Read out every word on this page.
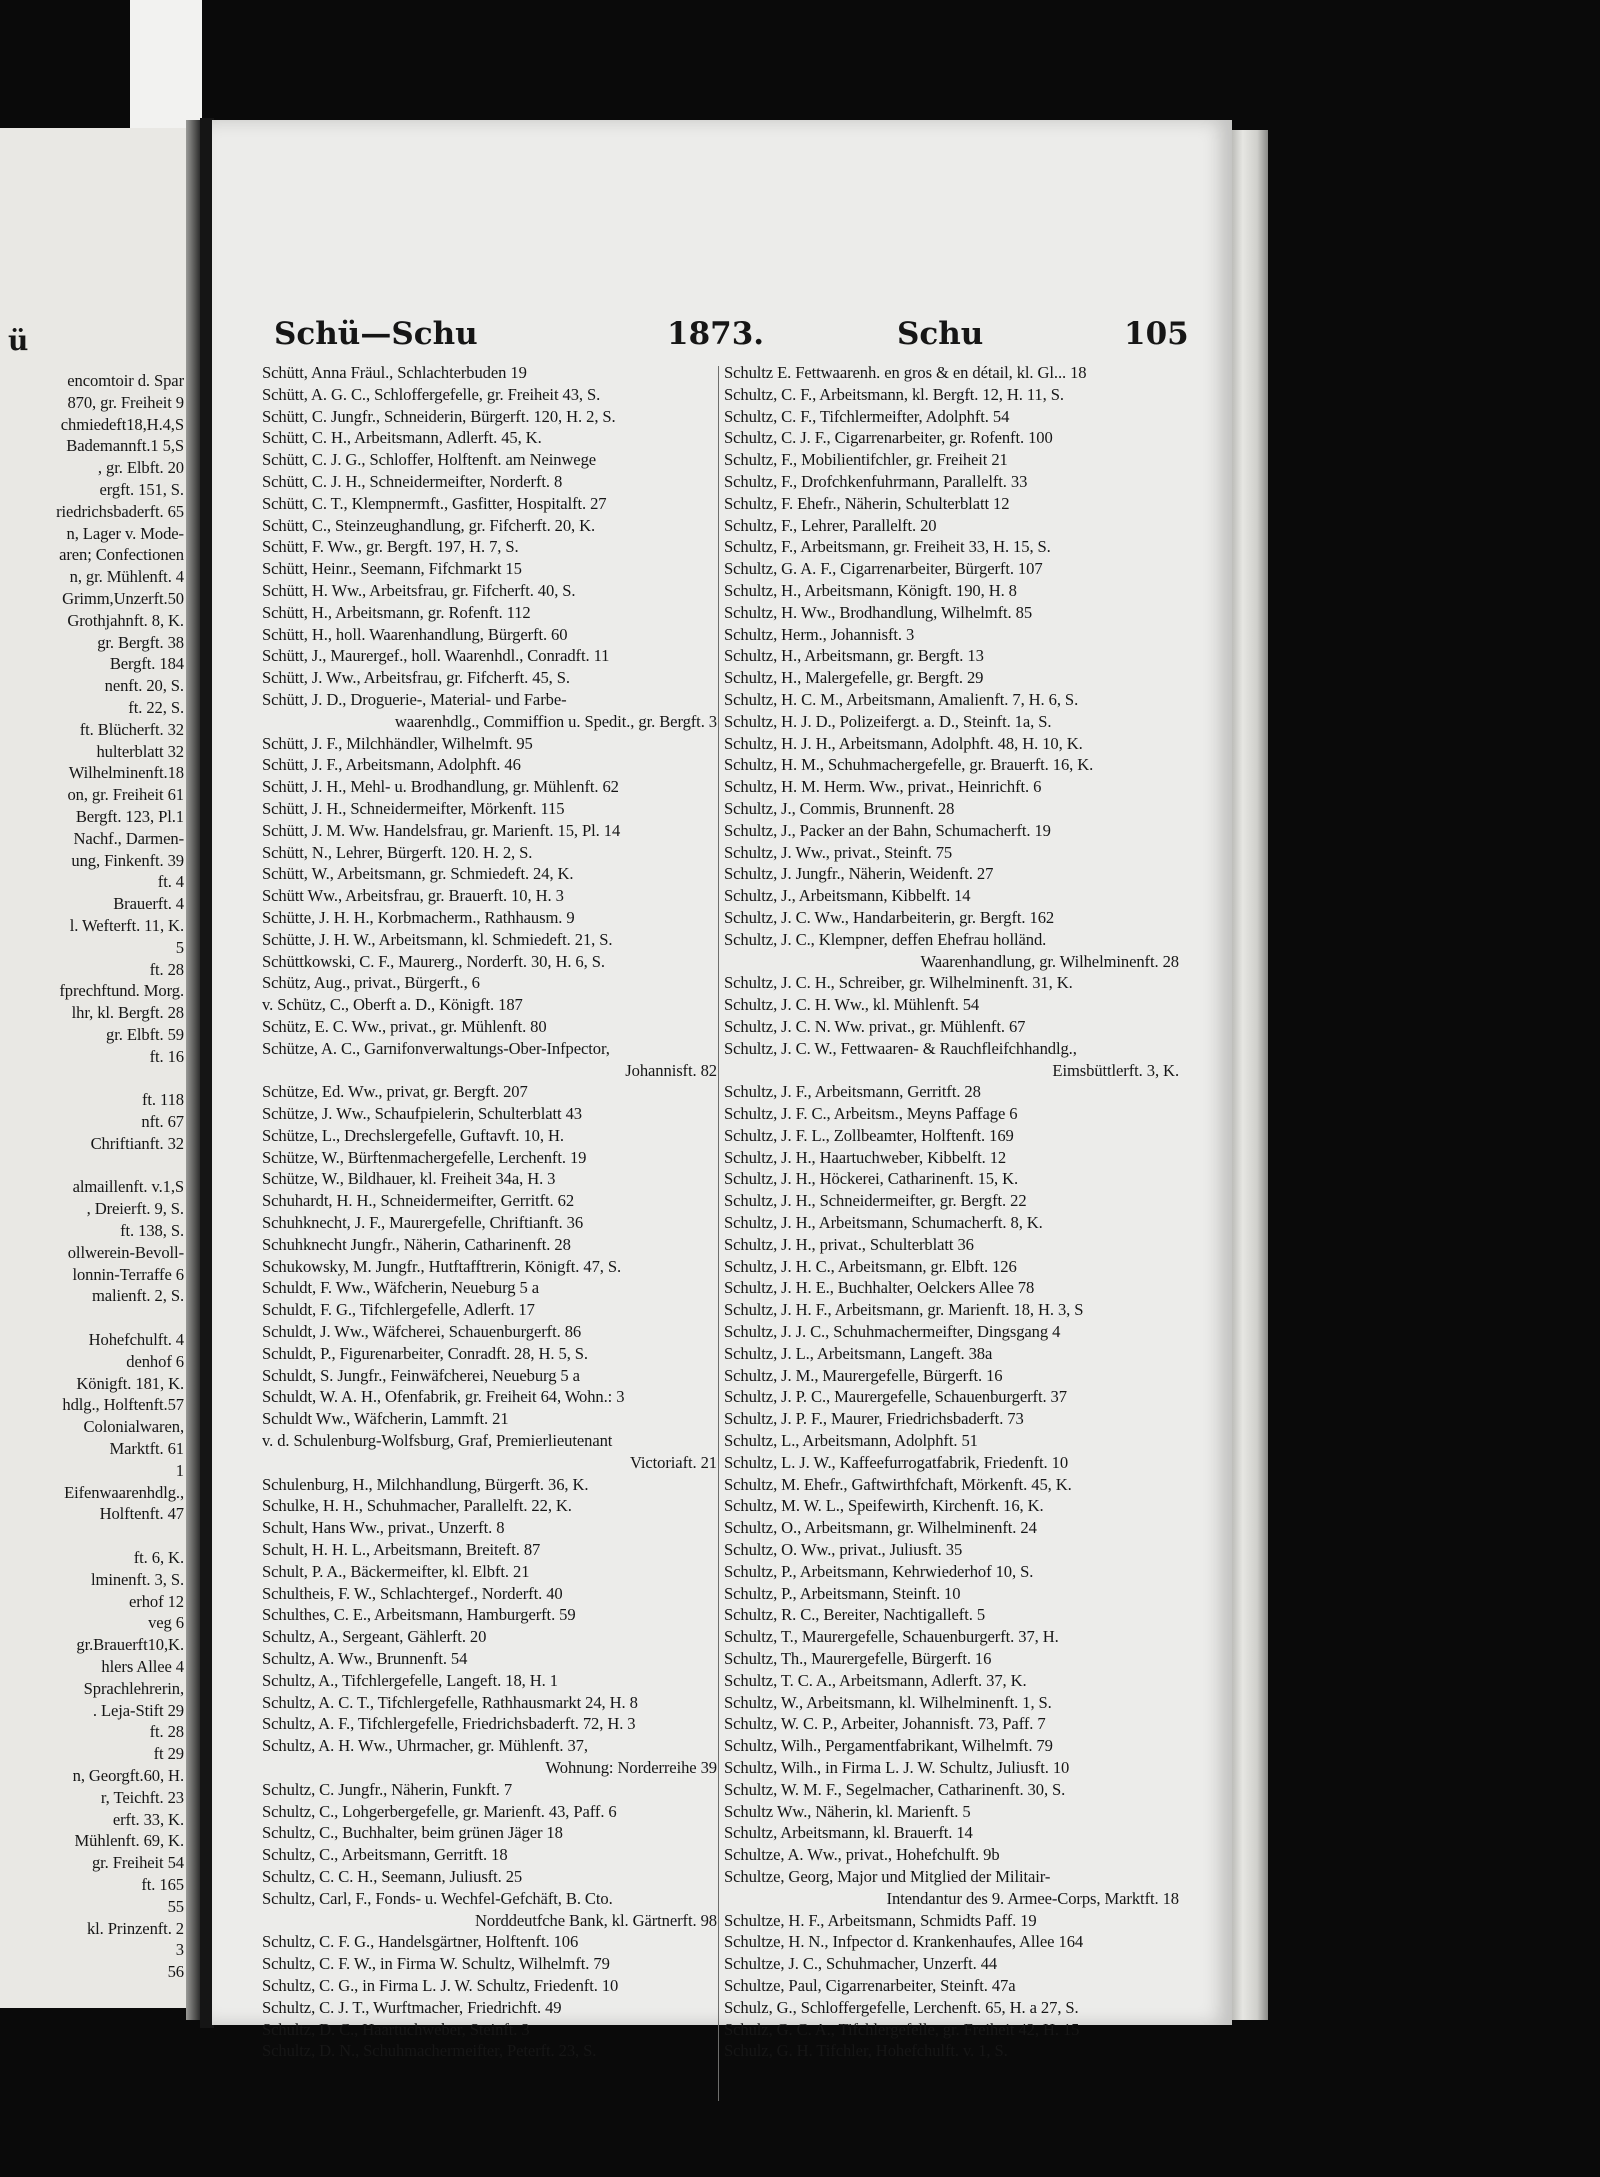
ü
encomtoir d. Spar
870, gr. Freiheit 9
chmiedeft18,H.4,S
Bademannft.1 5,S
, gr. Elbft. 20
ergft. 151, S.
riedrichsbaderft. 65
n, Lager v. Mode-
aren; Confectionen
n, gr. Mühlenft. 4
Grimm,Unzerft.50
Grothjahnft. 8, K.
gr. Bergft. 38
Bergft. 184
nenft. 20, S.
ft. 22, S.
ft. Blücherft. 32
hulterblatt 32
Wilhelminenft.18
on, gr. Freiheit 61
Bergft. 123, Pl.1
Nachf., Darmen-
ung, Finkenft. 39
ft. 4
Brauerft. 4
l. Wefterft. 11, K.
5
ft. 28
fprechftund. Morg.
lhr, kl. Bergft. 28
gr. Elbft. 59
ft. 16
ft. 118
nft. 67
Chriftianft. 32
almaillenft. v.1,S
, Dreierft. 9, S.
ft. 138, S.
ollwerein-Bevoll-
lonnin-Terraffe 6
malienft. 2, S.
Hohefchulft. 4
denhof 6
Königft. 181, K.
hdlg., Holftenft.57
Colonialwaren,
Marktft. 61
1
Eifenwaarenhdlg.,
Holftenft. 47
ft. 6, K.
lminenft. 3, S.
erhof 12
veg 6
gr.Brauerft10,K.
hlers Allee 4
Sprachlehrerin,
. Leja-Stift 29
ft. 28
ft 29
n, Georgft.60, H.
r, Teichft. 23
erft. 33, K.
Mühlenft. 69, K.
gr. Freiheit 54
ft. 165
55
kl. Prinzenft. 2
3
56
Schü—Schu	1873.	Schu	105
Schütt, Anna Fräul., Schlachterbuden 19
Schütt, A. G. C., Schloffergefelle, gr. Freiheit 43, S.
Schütt, C. Jungfr., Schneiderin, Bürgerft. 120, H. 2, S.
Schütt, C. H., Arbeitsmann, Adlerft. 45, K.
Schütt, C. J. G., Schloffer, Holftenft. am Neinwege
Schütt, C. J. H., Schneidermeifter, Norderft. 8
Schütt, C. T., Klempnermft., Gasfitter, Hospitalft. 27
Schütt, C., Steinzeughandlung, gr. Fifcherft. 20, K.
Schütt, F. Ww., gr. Bergft. 197, H. 7, S.
Schütt, Heinr., Seemann, Fifchmarkt 15
Schütt, H. Ww., Arbeitsfrau, gr. Fifcherft. 40, S.
Schütt, H., Arbeitsmann, gr. Rofenft. 112
Schütt, H., holl. Waarenhandlung, Bürgerft. 60
Schütt, J., Maurergef., holl. Waarenhdl., Conradft. 11
Schütt, J. Ww., Arbeitsfrau, gr. Fifcherft. 45, S.
Schütt, J. D., Droguerie-, Material- und Farbe-
waarenhdlg., Commiffion u. Spedit., gr. Bergft. 3
Schütt, J. F., Milchhändler, Wilhelmft. 95
Schütt, J. F., Arbeitsmann, Adolphft. 46
Schütt, J. H., Mehl- u. Brodhandlung, gr. Mühlenft. 62
Schütt, J. H., Schneidermeifter, Mörkenft. 115
Schütt, J. M. Ww. Handelsfrau, gr. Marienft. 15, Pl. 14
Schütt, N., Lehrer, Bürgerft. 120. H. 2, S.
Schütt, W., Arbeitsmann, gr. Schmiedeft. 24, K.
Schütt Ww., Arbeitsfrau, gr. Brauerft. 10, H. 3
Schütte, J. H. H., Korbmacherm., Rathhausm. 9
Schütte, J. H. W., Arbeitsmann, kl. Schmiedeft. 21, S.
Schüttkowski, C. F., Maurerg., Norderft. 30, H. 6, S.
Schütz, Aug., privat., Bürgerft., 6
v. Schütz, C., Oberft a. D., Königft. 187
Schütz, E. C. Ww., privat., gr. Mühlenft. 80
Schütze, A. C., Garnifonverwaltungs-Ober-Infpector,
Johannisft. 82
Schütze, Ed. Ww., privat, gr. Bergft. 207
Schütze, J. Ww., Schaufpielerin, Schulterblatt 43
Schütze, L., Drechslergefelle, Guftavft. 10, H.
Schütze, W., Bürftenmachergefelle, Lerchenft. 19
Schütze, W., Bildhauer, kl. Freiheit 34a, H. 3
Schuhardt, H. H., Schneidermeifter, Gerritft. 62
Schuhknecht, J. F., Maurergefelle, Chriftianft. 36
Schuhknecht Jungfr., Näherin, Catharinenft. 28
Schukowsky, M. Jungfr., Hutftafftrerin, Königft. 47, S.
Schuldt, F. Ww., Wäfcherin, Neueburg 5 a
Schuldt, F. G., Tifchlergefelle, Adlerft. 17
Schuldt, J. Ww., Wäfcherei, Schauenburgerft. 86
Schuldt, P., Figurenarbeiter, Conradft. 28, H. 5, S.
Schuldt, S. Jungfr., Feinwäfcherei, Neueburg 5 a
Schuldt, W. A. H., Ofenfabrik, gr. Freiheit 64, Wohn.: 3
Schuldt Ww., Wäfcherin, Lammft. 21
v. d. Schulenburg-Wolfsburg, Graf, Premierlieutenant
Victoriaft. 21
Schulenburg, H., Milchhandlung, Bürgerft. 36, K.
Schulke, H. H., Schuhmacher, Parallelft. 22, K.
Schult, Hans Ww., privat., Unzerft. 8
Schult, H. H. L., Arbeitsmann, Breiteft. 87
Schult, P. A., Bäckermeifter, kl. Elbft. 21
Schultheis, F. W., Schlachtergef., Norderft. 40
Schulthes, C. E., Arbeitsmann, Hamburgerft. 59
Schultz, A., Sergeant, Gählerft. 20
Schultz, A. Ww., Brunnenft. 54
Schultz, A., Tifchlergefelle, Langeft. 18, H. 1
Schultz, A. C. T., Tifchlergefelle, Rathhausmarkt 24, H. 8
Schultz, A. F., Tifchlergefelle, Friedrichsbaderft. 72, H. 3
Schultz, A. H. Ww., Uhrmacher, gr. Mühlenft. 37,
Wohnung: Norderreihe 39
Schultz, C. Jungfr., Näherin, Funkft. 7
Schultz, C., Lohgerbergefelle, gr. Marienft. 43, Paff. 6
Schultz, C., Buchhalter, beim grünen Jäger 18
Schultz, C., Arbeitsmann, Gerritft. 18
Schultz, C. C. H., Seemann, Juliusft. 25
Schultz, Carl, F., Fonds- u. Wechfel-Gefchäft, B. Cto.
Norddeutfche Bank, kl. Gärtnerft. 98
Schultz, C. F. G., Handelsgärtner, Holftenft. 106
Schultz, C. F. W., in Firma W. Schultz, Wilhelmft. 79
Schultz, C. G., in Firma L. J. W. Schultz, Friedenft. 10
Schultz, C. J. T., Wurftmacher, Friedrichft. 49
Schultz, D. C., Haartuchweber, Steinft. 3
Schultz, D. N., Schuhmachermeifter, Peterft. 23, S.
Schultz E. Fettwaarenh. en gros & en détail, kl. Gl... 18
Schultz, C. F., Arbeitsmann, kl. Bergft. 12, H. 11, S.
Schultz, C. F., Tifchlermeifter, Adolphft. 54
Schultz, C. J. F., Cigarrenarbeiter, gr. Rofenft. 100
Schultz, F., Mobilientifchler, gr. Freiheit 21
Schultz, F., Drofchkenfuhrmann, Parallelft. 33
Schultz, F. Ehefr., Näherin, Schulterblatt 12
Schultz, F., Lehrer, Parallelft. 20
Schultz, F., Arbeitsmann, gr. Freiheit 33, H. 15, S.
Schultz, G. A. F., Cigarrenarbeiter, Bürgerft. 107
Schultz, H., Arbeitsmann, Königft. 190, H. 8
Schultz, H. Ww., Brodhandlung, Wilhelmft. 85
Schultz, Herm., Johannisft. 3
Schultz, H., Arbeitsmann, gr. Bergft. 13
Schultz, H., Malergefelle, gr. Bergft. 29
Schultz, H. C. M., Arbeitsmann, Amalienft. 7, H. 6, S.
Schultz, H. J. D., Polizeifergt. a. D., Steinft. 1a, S.
Schultz, H. J. H., Arbeitsmann, Adolphft. 48, H. 10, K.
Schultz, H. M., Schuhmachergefelle, gr. Brauerft. 16, K.
Schultz, H. M. Herm. Ww., privat., Heinrichft. 6
Schultz, J., Commis, Brunnenft. 28
Schultz, J., Packer an der Bahn, Schumacherft. 19
Schultz, J. Ww., privat., Steinft. 75
Schultz, J. Jungfr., Näherin, Weidenft. 27
Schultz, J., Arbeitsmann, Kibbelft. 14
Schultz, J. C. Ww., Handarbeiterin, gr. Bergft. 162
Schultz, J. C., Klempner, deffen Ehefrau holländ.
Waarenhandlung, gr. Wilhelminenft. 28
Schultz, J. C. H., Schreiber, gr. Wilhelminenft. 31, K.
Schultz, J. C. H. Ww., kl. Mühlenft. 54
Schultz, J. C. N. Ww. privat., gr. Mühlenft. 67
Schultz, J. C. W., Fettwaaren- & Rauchfleifchhandlg.,
Eimsbüttlerft. 3, K.
Schultz, J. F., Arbeitsmann, Gerritft. 28
Schultz, J. F. C., Arbeitsm., Meyns Paffage 6
Schultz, J. F. L., Zollbeamter, Holftenft. 169
Schultz, J. H., Haartuchweber, Kibbelft. 12
Schultz, J. H., Höckerei, Catharinenft. 15, K.
Schultz, J. H., Schneidermeifter, gr. Bergft. 22
Schultz, J. H., Arbeitsmann, Schumacherft. 8, K.
Schultz, J. H., privat., Schulterblatt 36
Schultz, J. H. C., Arbeitsmann, gr. Elbft. 126
Schultz, J. H. E., Buchhalter, Oelckers Allee 78
Schultz, J. H. F., Arbeitsmann, gr. Marienft. 18, H. 3, S
Schultz, J. J. C., Schuhmachermeifter, Dingsgang 4
Schultz, J. L., Arbeitsmann, Langeft. 38a
Schultz, J. M., Maurergefelle, Bürgerft. 16
Schultz, J. P. C., Maurergefelle, Schauenburgerft. 37
Schultz, J. P. F., Maurer, Friedrichsbaderft. 73
Schultz, L., Arbeitsmann, Adolphft. 51
Schultz, L. J. W., Kaffeefurrogatfabrik, Friedenft. 10
Schultz, M. Ehefr., Gaftwirthfchaft, Mörkenft. 45, K.
Schultz, M. W. L., Speifewirth, Kirchenft. 16, K.
Schultz, O., Arbeitsmann, gr. Wilhelminenft. 24
Schultz, O. Ww., privat., Juliusft. 35
Schultz, P., Arbeitsmann, Kehrwiederhof 10, S.
Schultz, P., Arbeitsmann, Steinft. 10
Schultz, R. C., Bereiter, Nachtigalleft. 5
Schultz, T., Maurergefelle, Schauenburgerft. 37, H.
Schultz, Th., Maurergefelle, Bürgerft. 16
Schultz, T. C. A., Arbeitsmann, Adlerft. 37, K.
Schultz, W., Arbeitsmann, kl. Wilhelminenft. 1, S.
Schultz, W. C. P., Arbeiter, Johannisft. 73, Paff. 7
Schultz, Wilh., Pergamentfabrikant, Wilhelmft. 79
Schultz, Wilh., in Firma L. J. W. Schultz, Juliusft. 10
Schultz, W. M. F., Segelmacher, Catharinenft. 30, S.
Schultz Ww., Näherin, kl. Marienft. 5
Schultz, Arbeitsmann, kl. Brauerft. 14
Schultze, A. Ww., privat., Hohefchulft. 9b
Schultze, Georg, Major und Mitglied der Militair-
Intendantur des 9. Armee-Corps, Marktft. 18
Schultze, H. F., Arbeitsmann, Schmidts Paff. 19
Schultze, H. N., Infpector d. Krankenhaufes, Allee 164
Schultze, J. C., Schuhmacher, Unzerft. 44
Schultze, Paul, Cigarrenarbeiter, Steinft. 47a
Schulz, G., Schloffergefelle, Lerchenft. 65, H. a 27, S.
Schulz, G. C. A., Tifchlergefelle, gr. Freiheit 42, H. 15
Schulz, G. H. Tifchler, Hohefchulft. v. 1, S.
